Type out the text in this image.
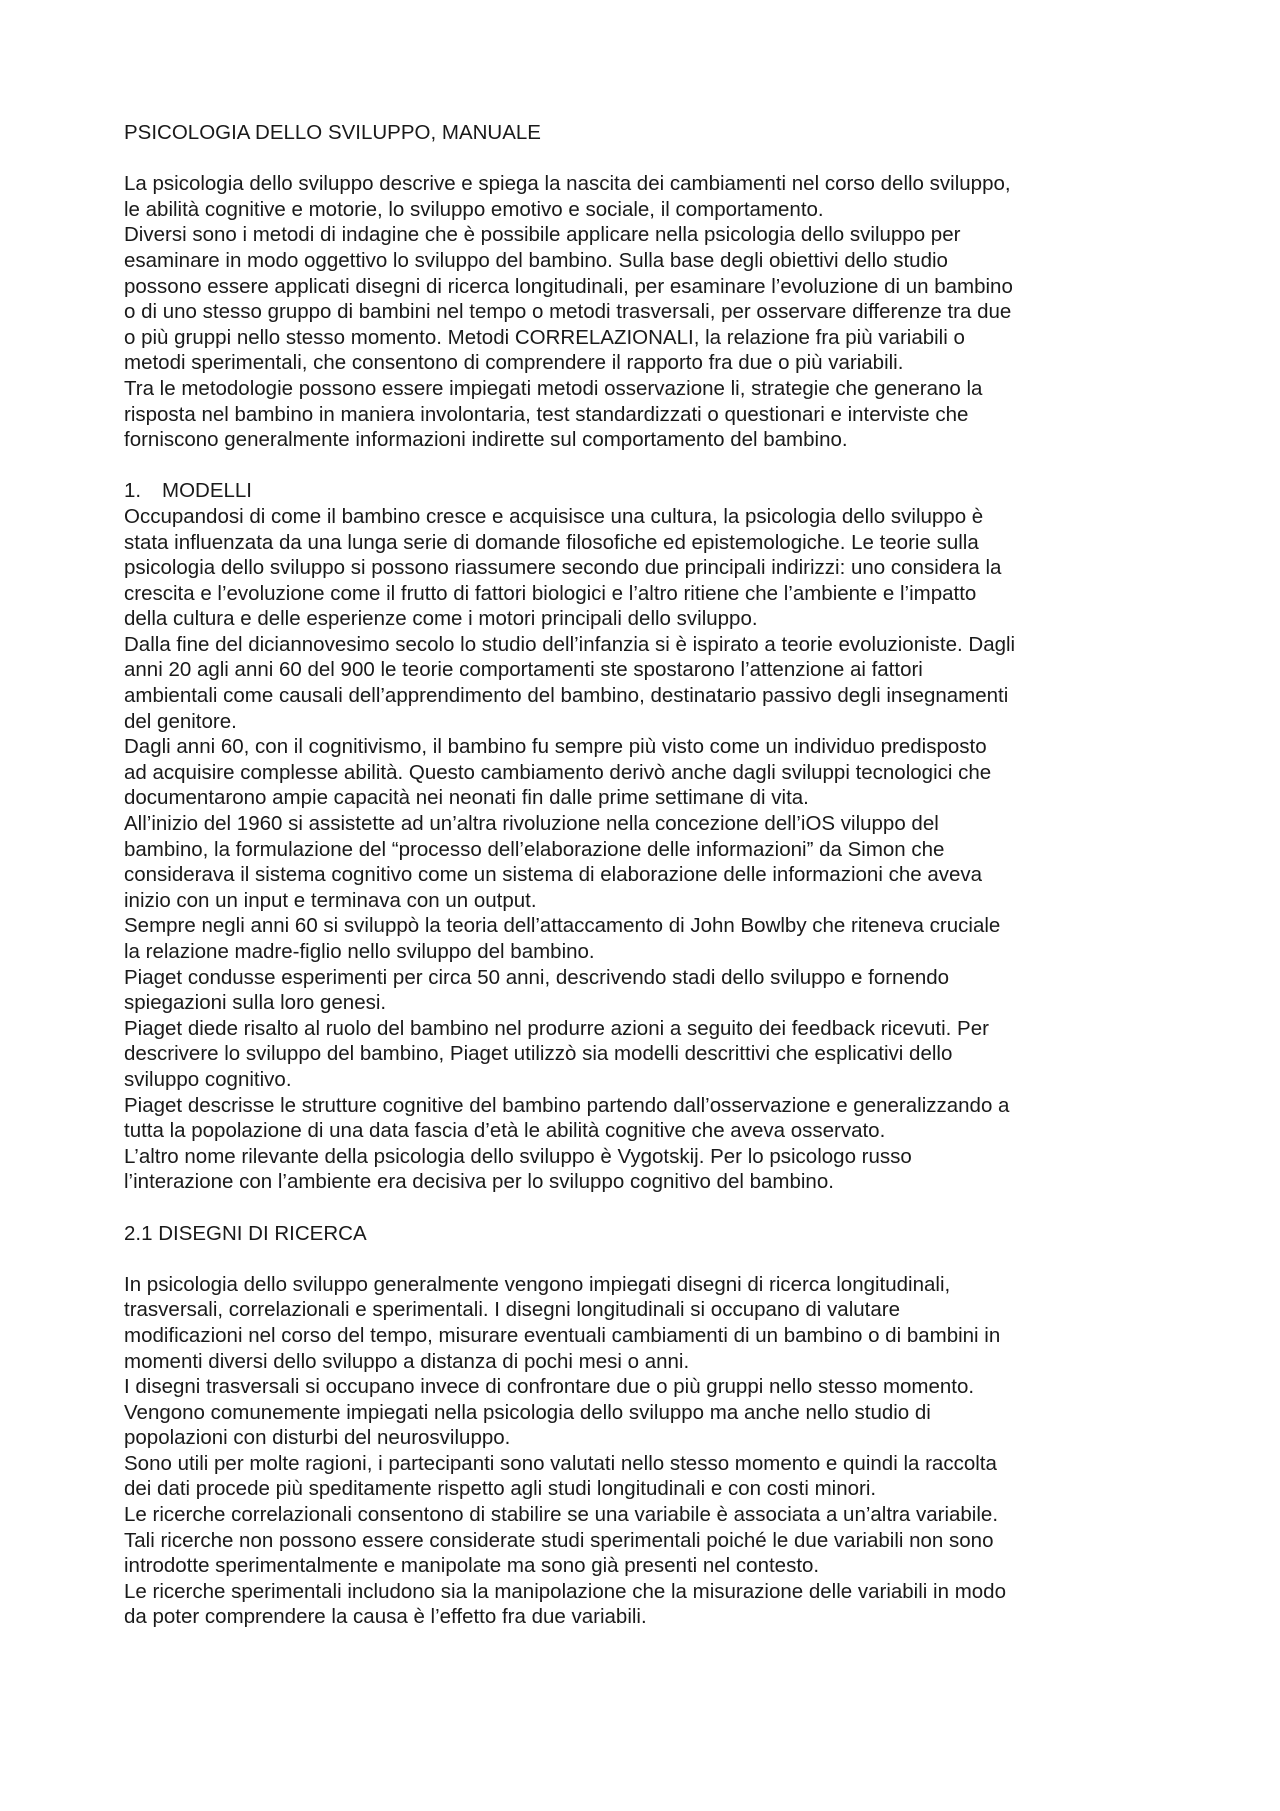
PSICOLOGIA DELLO SVILUPPO, MANUALE
La psicologia dello sviluppo descrive e spiega la nascita dei cambiamenti nel corso dello sviluppo,
le abilità cognitive e motorie, lo sviluppo emotivo e sociale, il comportamento.
Diversi sono i metodi di indagine che è possibile applicare nella psicologia dello sviluppo per
esaminare in modo oggettivo lo sviluppo del bambino. Sulla base degli obiettivi dello studio
possono essere applicati disegni di ricerca longitudinali, per esaminare l’evoluzione di un bambino
o di uno stesso gruppo di bambini nel tempo o metodi trasversali, per osservare differenze tra due
o più gruppi nello stesso momento. Metodi CORRELAZIONALI, la relazione fra più variabili o
metodi sperimentali, che consentono di comprendere il rapporto fra due o più variabili.
Tra le metodologie possono essere impiegati metodi osservazione li, strategie che generano la
risposta nel bambino in maniera involontaria, test standardizzati o questionari e interviste che
forniscono generalmente informazioni indirette sul comportamento del bambino.
1. MODELLI
Occupandosi di come il bambino cresce e acquisisce una cultura, la psicologia dello sviluppo è
stata influenzata da una lunga serie di domande filosofiche ed epistemologiche. Le teorie sulla
psicologia dello sviluppo si possono riassumere secondo due principali indirizzi: uno considera la
crescita e l’evoluzione come il frutto di fattori biologici e l’altro ritiene che l’ambiente e l’impatto
della cultura e delle esperienze come i motori principali dello sviluppo.
Dalla fine del diciannovesimo secolo lo studio dell’infanzia si è ispirato a teorie evoluzioniste. Dagli
anni 20 agli anni 60 del 900 le teorie comportamenti ste spostarono l’attenzione ai fattori
ambientali come causali dell’apprendimento del bambino, destinatario passivo degli insegnamenti
del genitore.
Dagli anni 60, con il cognitivismo, il bambino fu sempre più visto come un individuo predisposto
ad acquisire complesse abilità. Questo cambiamento derivò anche dagli sviluppi tecnologici che
documentarono ampie capacità nei neonati fin dalle prime settimane di vita.
All’inizio del 1960 si assistette ad un’altra rivoluzione nella concezione dell’iOS viluppo del
bambino, la formulazione del “processo dell’elaborazione delle informazioni” da Simon che
considerava il sistema cognitivo come un sistema di elaborazione delle informazioni che aveva
inizio con un input e terminava con un output.
Sempre negli anni 60 si sviluppò la teoria dell’attaccamento di John Bowlby che riteneva cruciale
la relazione madre-figlio nello sviluppo del bambino.
Piaget condusse esperimenti per circa 50 anni, descrivendo stadi dello sviluppo e fornendo
spiegazioni sulla loro genesi.
Piaget diede risalto al ruolo del bambino nel produrre azioni a seguito dei feedback ricevuti. Per
descrivere lo sviluppo del bambino, Piaget utilizzò sia modelli descrittivi che esplicativi dello
sviluppo cognitivo.
Piaget descrisse le strutture cognitive del bambino partendo dall’osservazione e generalizzando a
tutta la popolazione di una data fascia d’età le abilità cognitive che aveva osservato.
L’altro nome rilevante della psicologia dello sviluppo è Vygotskij. Per lo psicologo russo
l’interazione con l’ambiente era decisiva per lo sviluppo cognitivo del bambino.
2.1 DISEGNI DI RICERCA
In psicologia dello sviluppo generalmente vengono impiegati disegni di ricerca longitudinali,
trasversali, correlazionali e sperimentali. I disegni longitudinali si occupano di valutare
modificazioni nel corso del tempo, misurare eventuali cambiamenti di un bambino o di bambini in
momenti diversi dello sviluppo a distanza di pochi mesi o anni.
I disegni trasversali si occupano invece di confrontare due o più gruppi nello stesso momento.
Vengono comunemente impiegati nella psicologia dello sviluppo ma anche nello studio di
popolazioni con disturbi del neurosviluppo.
Sono utili per molte ragioni, i partecipanti sono valutati nello stesso momento e quindi la raccolta
dei dati procede più speditamente rispetto agli studi longitudinali e con costi minori.
Le ricerche correlazionali consentono di stabilire se una variabile è associata a un’altra variabile.
Tali ricerche non possono essere considerate studi sperimentali poiché le due variabili non sono
introdotte sperimentalmente e manipolate ma sono già presenti nel contesto.
Le ricerche sperimentali includono sia la manipolazione che la misurazione delle variabili in modo
da poter comprendere la causa è l’effetto fra due variabili.
